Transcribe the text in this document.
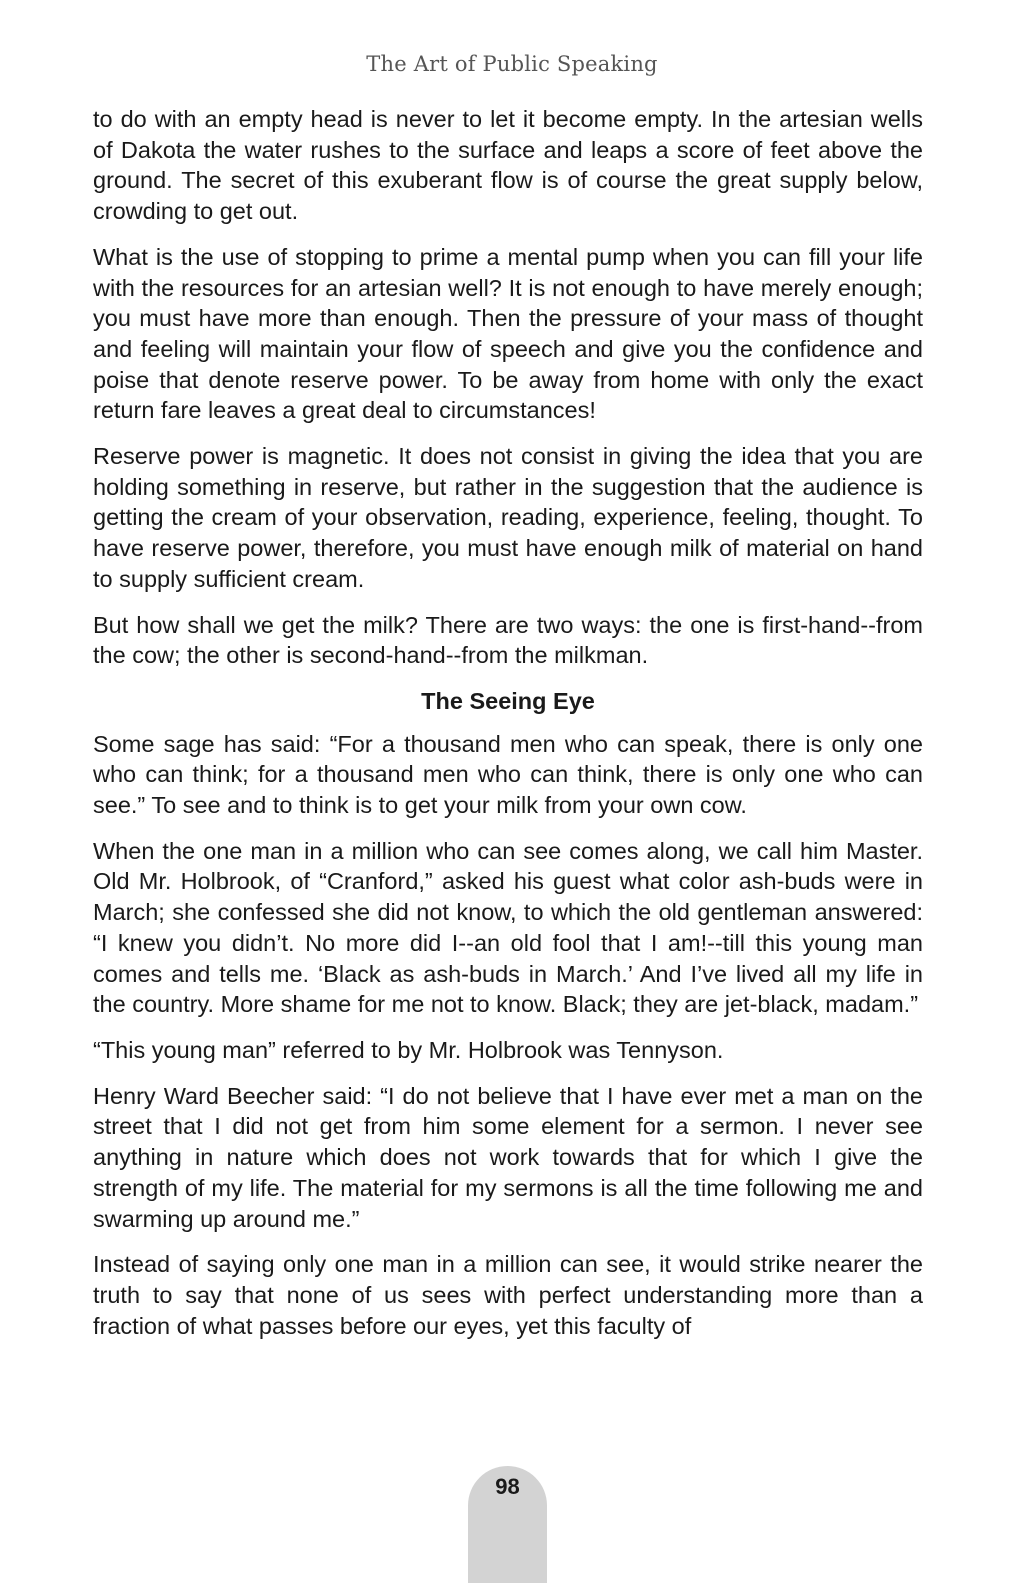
The Art of Public Speaking

to do with an empty head is never to let it become empty. In the artesian wells of Dakota the water rushes to the surface and leaps a score of feet above the ground. The secret of this exuberant flow is of course the great supply below, crowding to get out.

What is the use of stopping to prime a mental pump when you can fill your life with the resources for an artesian well? It is not enough to have merely enough; you must have more than enough. Then the pressure of your mass of thought and feeling will maintain your flow of speech and give you the confidence and poise that denote reserve power. To be away from home with only the exact return fare leaves a great deal to circumstances!

Reserve power is magnetic. It does not consist in giving the idea that you are holding something in reserve, but rather in the suggestion that the audience is getting the cream of your observation, reading, experience, feeling, thought. To have reserve power, therefore, you must have enough milk of material on hand to supply sufficient cream.

But how shall we get the milk? There are two ways: the one is first-hand--from the cow; the other is second-hand--from the milkman.

The Seeing Eye

Some sage has said: “For a thousand men who can speak, there is only one who can think; for a thousand men who can think, there is only one who can see.” To see and to think is to get your milk from your own cow.

When the one man in a million who can see comes along, we call him Master. Old Mr. Holbrook, of “Cranford,” asked his guest what color ash-buds were in March; she confessed she did not know, to which the old gentleman answered: “I knew you didn’t. No more did I--an old fool that I am!--till this young man comes and tells me. ‘Black as ash-buds in March.’ And I’ve lived all my life in the country. More shame for me not to know. Black; they are jet-black, madam.”

“This young man” referred to by Mr. Holbrook was Tennyson.

Henry Ward Beecher said: “I do not believe that I have ever met a man on the street that I did not get from him some element for a sermon. I never see anything in nature which does not work towards that for which I give the strength of my life. The material for my sermons is all the time following me and swarming up around me.”

Instead of saying only one man in a million can see, it would strike nearer the truth to say that none of us sees with perfect understanding more than a fraction of what passes before our eyes, yet this faculty of

98
